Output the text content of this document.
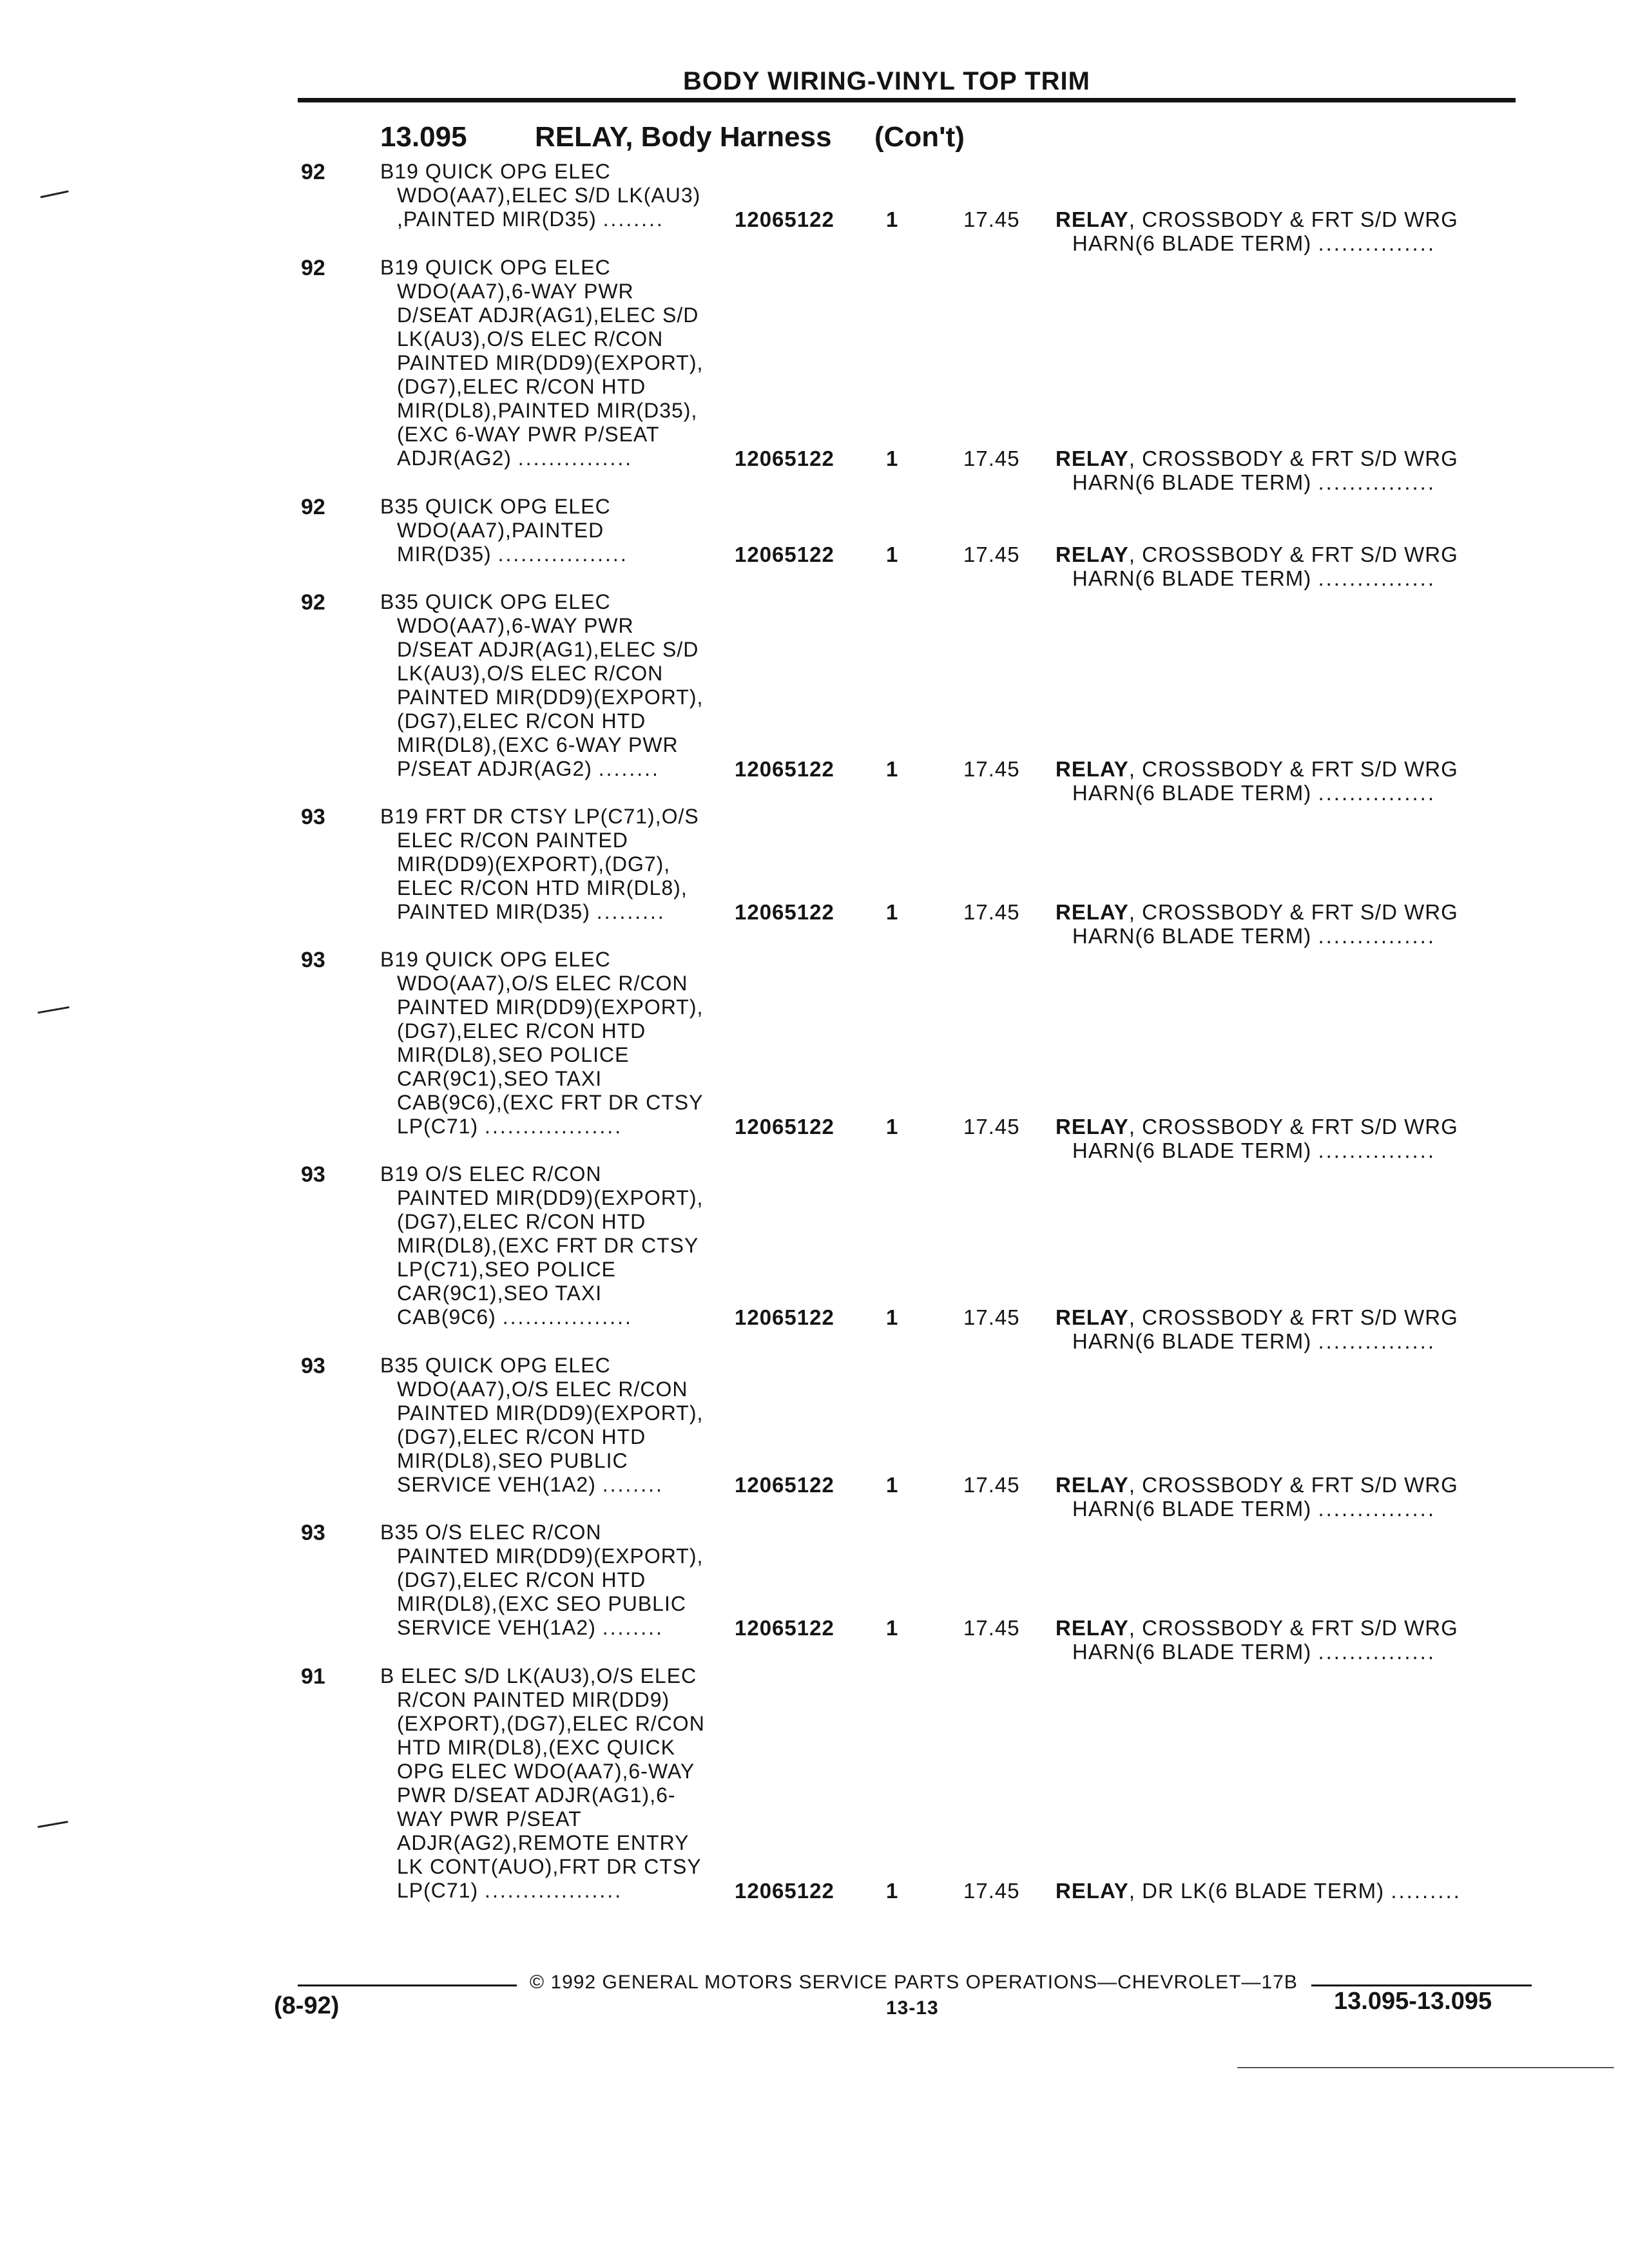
BODY WIRING-VINYL TOP TRIM
13.095 RELAY, Body Harness (Con't)
92	B19 QUICK OPG ELEC
WDO(AA7),ELEC S/D LK(AU3)
,PAINTED MIR(D35) ........	12065122 1	17.45 RELAY, CROSSBODY & FRT S/D WRG
HARN(6 BLADE TERM) ...............
92	B19 QUICK OPG ELEC
WDO(AA7),6-WAY PWR
D/SEAT ADJR(AG1),ELEC S/D
LK(AU3),O/S ELEC R/CON
PAINTED MIR(DD9)(EXPORT),
(DG7),ELEC R/CON HTD
MIR(DL8),PAINTED MIR(D35),
(EXC 6-WAY PWR P/SEAT
ADJR(AG2) ...............	12065122 1	17.45 RELAY, CROSSBODY & FRT S/D WRG
HARN(6 BLADE TERM) ...............
92	B35 QUICK OPG ELEC
WDO(AA7),PAINTED
MIR(D35) .................	12065122 1	17.45 RELAY, CROSSBODY & FRT S/D WRG
HARN(6 BLADE TERM) ...............
92	B35 QUICK OPG ELEC
WDO(AA7),6-WAY PWR
D/SEAT ADJR(AG1),ELEC S/D
LK(AU3),O/S ELEC R/CON
PAINTED MIR(DD9)(EXPORT),
(DG7),ELEC R/CON HTD
MIR(DL8),(EXC 6-WAY PWR
P/SEAT ADJR(AG2) ........	12065122 1	17.45 RELAY, CROSSBODY & FRT S/D WRG
HARN(6 BLADE TERM) ...............
93	B19 FRT DR CTSY LP(C71),O/S
ELEC R/CON PAINTED
MIR(DD9)(EXPORT),(DG7),
ELEC R/CON HTD MIR(DL8),
PAINTED MIR(D35) .........	12065122 1	17.45 RELAY, CROSSBODY & FRT S/D WRG
HARN(6 BLADE TERM) ...............
93	B19 QUICK OPG ELEC
WDO(AA7),O/S ELEC R/CON
PAINTED MIR(DD9)(EXPORT),
(DG7),ELEC R/CON HTD
MIR(DL8),SEO POLICE
CAR(9C1),SEO TAXI
CAB(9C6),(EXC FRT DR CTSY
LP(C71) ..................	12065122 1	17.45 RELAY, CROSSBODY & FRT S/D WRG
HARN(6 BLADE TERM) ...............
93	B19 O/S ELEC R/CON
PAINTED MIR(DD9)(EXPORT),
(DG7),ELEC R/CON HTD
MIR(DL8),(EXC FRT DR CTSY
LP(C71),SEO POLICE
CAR(9C1),SEO TAXI
CAB(9C6) .................	12065122 1	17.45 RELAY, CROSSBODY & FRT S/D WRG
HARN(6 BLADE TERM) ...............
93	B35 QUICK OPG ELEC
WDO(AA7),O/S ELEC R/CON
PAINTED MIR(DD9)(EXPORT),
(DG7),ELEC R/CON HTD
MIR(DL8),SEO PUBLIC
SERVICE VEH(1A2) ........	12065122 1	17.45 RELAY, CROSSBODY & FRT S/D WRG
HARN(6 BLADE TERM) ...............
93	B35 O/S ELEC R/CON
PAINTED MIR(DD9)(EXPORT),
(DG7),ELEC R/CON HTD
MIR(DL8),(EXC SEO PUBLIC
SERVICE VEH(1A2) ........	12065122 1	17.45 RELAY, CROSSBODY & FRT S/D WRG
HARN(6 BLADE TERM) ...............
91	B ELEC S/D LK(AU3),O/S ELEC
R/CON PAINTED MIR(DD9)
(EXPORT),(DG7),ELEC R/CON
HTD MIR(DL8),(EXC QUICK
OPG ELEC WDO(AA7),6-WAY
PWR D/SEAT ADJR(AG1),6-
WAY PWR P/SEAT
ADJR(AG2),REMOTE ENTRY
LK CONT(AUO),FRT DR CTSY
LP(C71) ..................	12065122 1	17.45 RELAY, DR LK(6 BLADE TERM) .........
© 1992 GENERAL MOTORS SERVICE PARTS OPERATIONS—CHEVROLET—17B
(8-92)	13-13	13.095-13.095
